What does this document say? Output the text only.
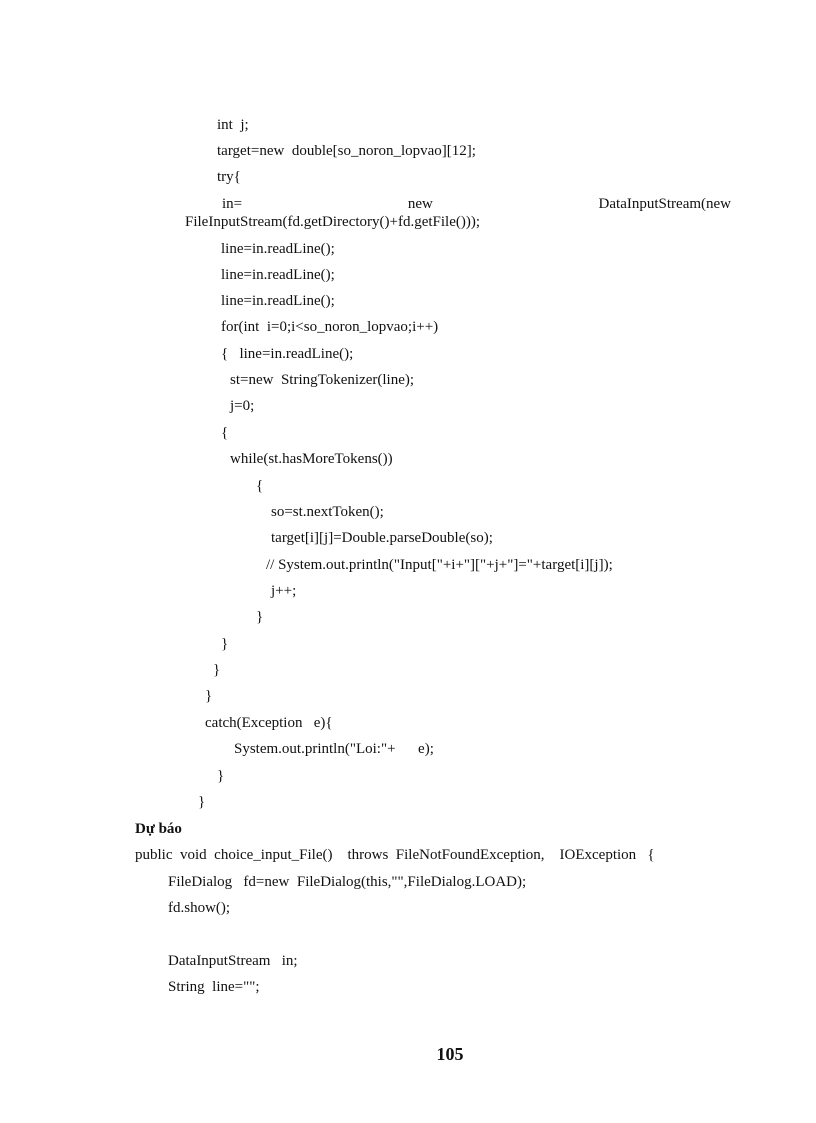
int  j;
target=new  double[so_noron_lopvao][12];
try{
in=	new	DataInputStream(new
FileInputStream(fd.getDirectory()+fd.getFile()));
line=in.readLine();
line=in.readLine();
line=in.readLine();
for(int  i=0;i<so_noron_lopvao;i++)
{   line=in.readLine();
st=new  StringTokenizer(line);
j=0;
{
while(st.hasMoreTokens())
{
so=st.nextToken();
target[i][j]=Double.parseDouble(so);
// System.out.println("Input["+i+"]["+j+"]="+target[i][j]);
j++;
}
}
}
}
catch(Exception   e){
System.out.println("Loi:"+      e);
}
}
Dự báo
public  void  choice_input_File()    throws  FileNotFoundException,    IOException   {
FileDialog   fd=new  FileDialog(this,"",FileDialog.LOAD);
fd.show();
DataInputStream   in;
String  line="";
105
